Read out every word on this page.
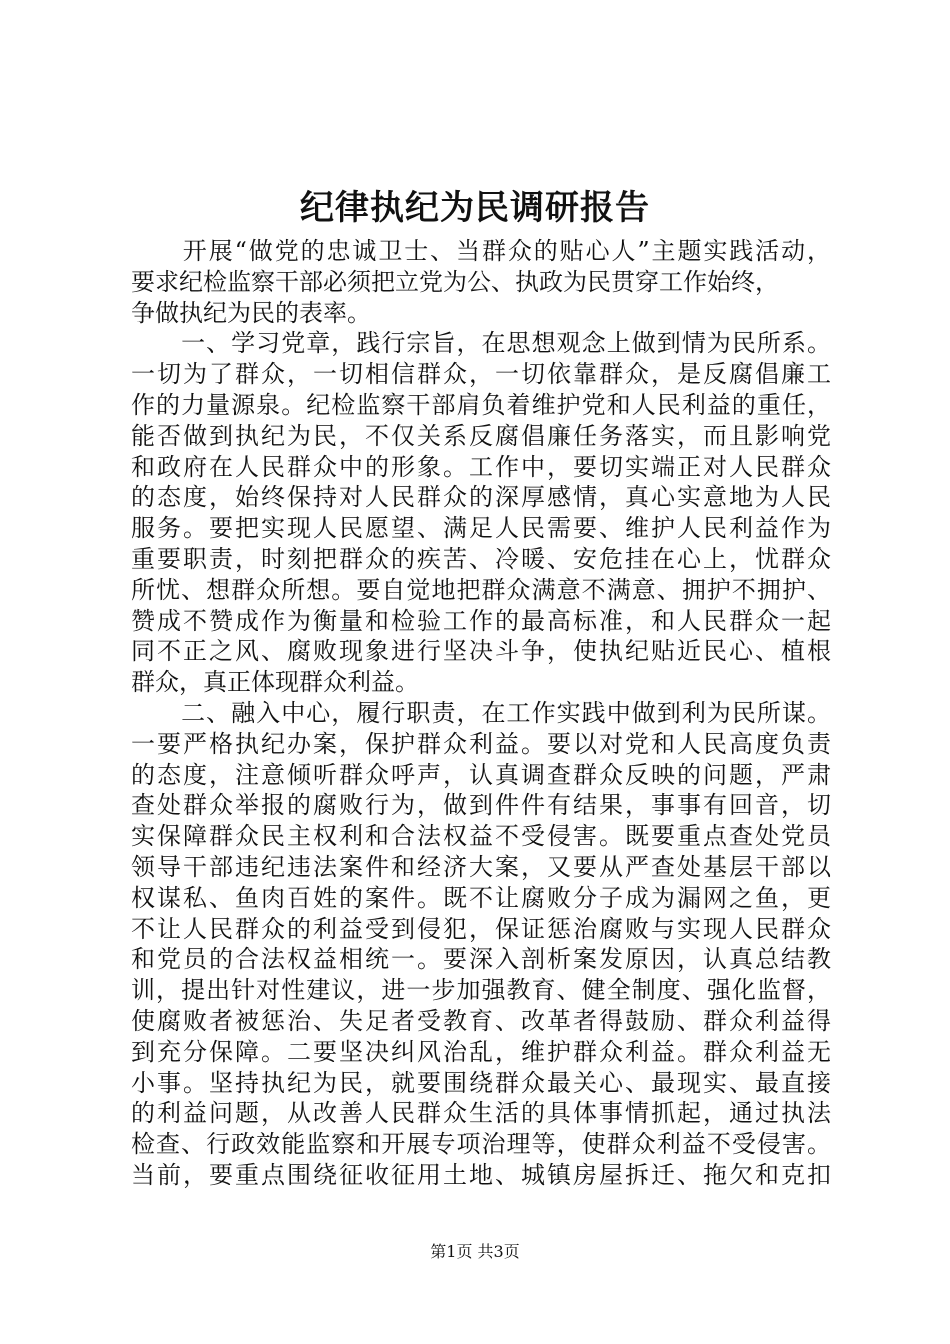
纪律执纪为民调研报告
　　开展“做党的忠诚卫士、当群众的贴心人”主题实践活动，
要求纪检监察干部必须把立党为公、执政为民贯穿工作始终，
争做执纪为民的表率。
　　一、学习党章，践行宗旨，在思想观念上做到情为民所系。
一切为了群众，一切相信群众，一切依靠群众，是反腐倡廉工
作的力量源泉。纪检监察干部肩负着维护党和人民利益的重任，
能否做到执纪为民，不仅关系反腐倡廉任务落实，而且影响党
和政府在人民群众中的形象。工作中，要切实端正对人民群众
的态度，始终保持对人民群众的深厚感情，真心实意地为人民
服务。要把实现人民愿望、满足人民需要、维护人民利益作为
重要职责，时刻把群众的疾苦、冷暖、安危挂在心上，忧群众
所忧、想群众所想。要自觉地把群众满意不满意、拥护不拥护、
赞成不赞成作为衡量和检验工作的最高标准，和人民群众一起
同不正之风、腐败现象进行坚决斗争，使执纪贴近民心、植根
群众，真正体现群众利益。
　　二、融入中心，履行职责，在工作实践中做到利为民所谋。
一要严格执纪办案，保护群众利益。要以对党和人民高度负责
的态度，注意倾听群众呼声，认真调查群众反映的问题，严肃
查处群众举报的腐败行为，做到件件有结果，事事有回音，切
实保障群众民主权利和合法权益不受侵害。既要重点查处党员
领导干部违纪违法案件和经济大案，又要从严查处基层干部以
权谋私、鱼肉百姓的案件。既不让腐败分子成为漏网之鱼，更
不让人民群众的利益受到侵犯，保证惩治腐败与实现人民群众
和党员的合法权益相统一。要深入剖析案发原因，认真总结教
训，提出针对性建议，进一步加强教育、健全制度、强化监督，
使腐败者被惩治、失足者受教育、改革者得鼓励、群众利益得
到充分保障。二要坚决纠风治乱，维护群众利益。群众利益无
小事。坚持执纪为民，就要围绕群众最关心、最现实、最直接
的利益问题，从改善人民群众生活的具体事情抓起，通过执法
检查、行政效能监察和开展专项治理等，使群众利益不受侵害。
当前，要重点围绕征收征用土地、城镇房屋拆迁、拖欠和克扣
第1页 共3页
